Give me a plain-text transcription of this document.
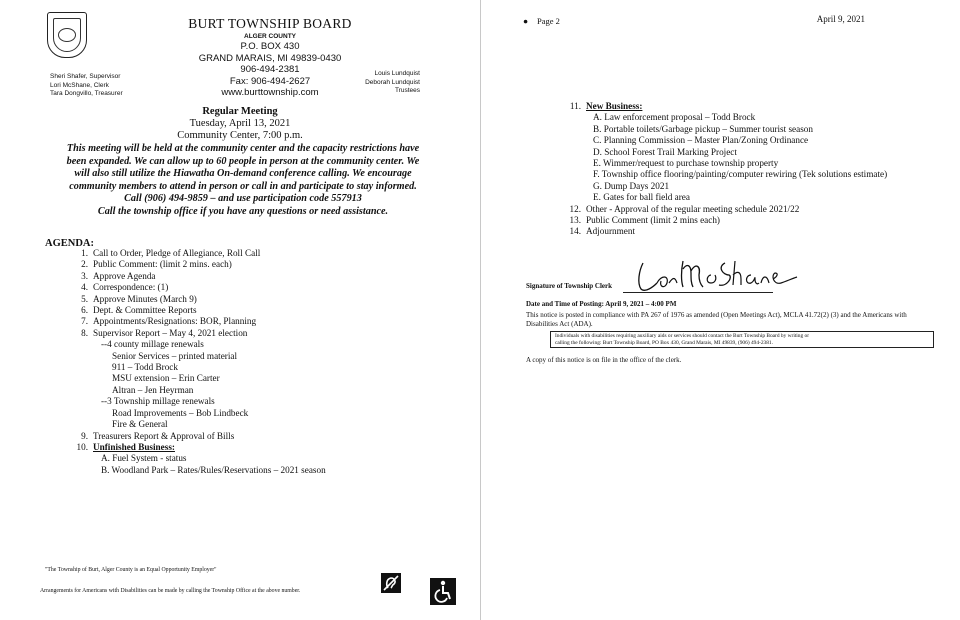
BURT TOWNSHIP BOARD
ALGER COUNTY
P.O. BOX 430
GRAND MARAIS, MI 49839-0430
906-494-2381
Fax: 906-494-2627
www.burttownship.com
Sheri Shafer, Supervisor
Lori McShane, Clerk
Tara Dongvillo, Treasurer
Louis Lundquist
Deborah Lundquist
Trustees
Regular Meeting
Tuesday, April 13, 2021
Community Center, 7:00 p.m.
This meeting will be held at the community center and the capacity restrictions have
been expanded. We can allow up to 60 people in person at the community center. We
will also still utilize the Hiawatha On-demand conference calling. We encourage
community members to attend in person or call in and participate to stay informed.
Call (906) 494-9859 – and use participation code 557913
Call the township office if you have any questions or need assistance.
AGENDA:
1. Call to Order, Pledge of Allegiance, Roll Call
2. Public Comment: (limit 2 mins. each)
3. Approve Agenda
4. Correspondence: (1)
5. Approve Minutes (March 9)
6. Dept. & Committee Reports
7. Appointments/Resignations: BOR, Planning
8. Supervisor Report – May 4, 2021 election
--4 county millage renewals
Senior Services – printed material
911 – Todd Brock
MSU extension – Erin Carter
Altran – Jen Heyrman
--3 Township millage renewals
Road Improvements – Bob Lindbeck
Fire & General
9. Treasurers Report & Approval of Bills
10. Unfinished Business:
A. Fuel System - status
B. Woodland Park – Rates/Rules/Reservations – 2021 season
"The Township of Burt, Alger County is an Equal Opportunity Employer"
Arrangements for Americans with Disabilities can be made by calling the Township Office at the above number.
● Page 2	April 9, 2021
11. New Business:
A. Law enforcement proposal – Todd Brock
B. Portable toilets/Garbage pickup – Summer tourist season
C. Planning Commission – Master Plan/Zoning Ordinance
D. School Forest Trail Marking Project
E. Wimmer/request to purchase township property
F. Township office flooring/painting/computer rewiring (Tek solutions estimate)
G. Dump Days 2021
E. Gates for ball field area
12. Other - Approval of the regular meeting schedule 2021/22
13. Public Comment (limit 2 mins each)
14. Adjournment
Signature of Township Clerk
Date and Time of Posting: April 9, 2021 – 4:00 PM
This notice is posted in compliance with PA 267 of 1976 as amended (Open Meetings Act), MCLA 41.72(2) (3) and the Americans with Disabilities Act (ADA).
Individuals with disabilities requiring auxiliary aids or services should contact the Burt Township Board by writing or
calling the following: Burt Township Board, PO Box 430, Grand Marais, MI 49839, (906) 494-2381.
A copy of this notice is on file in the office of the clerk.
